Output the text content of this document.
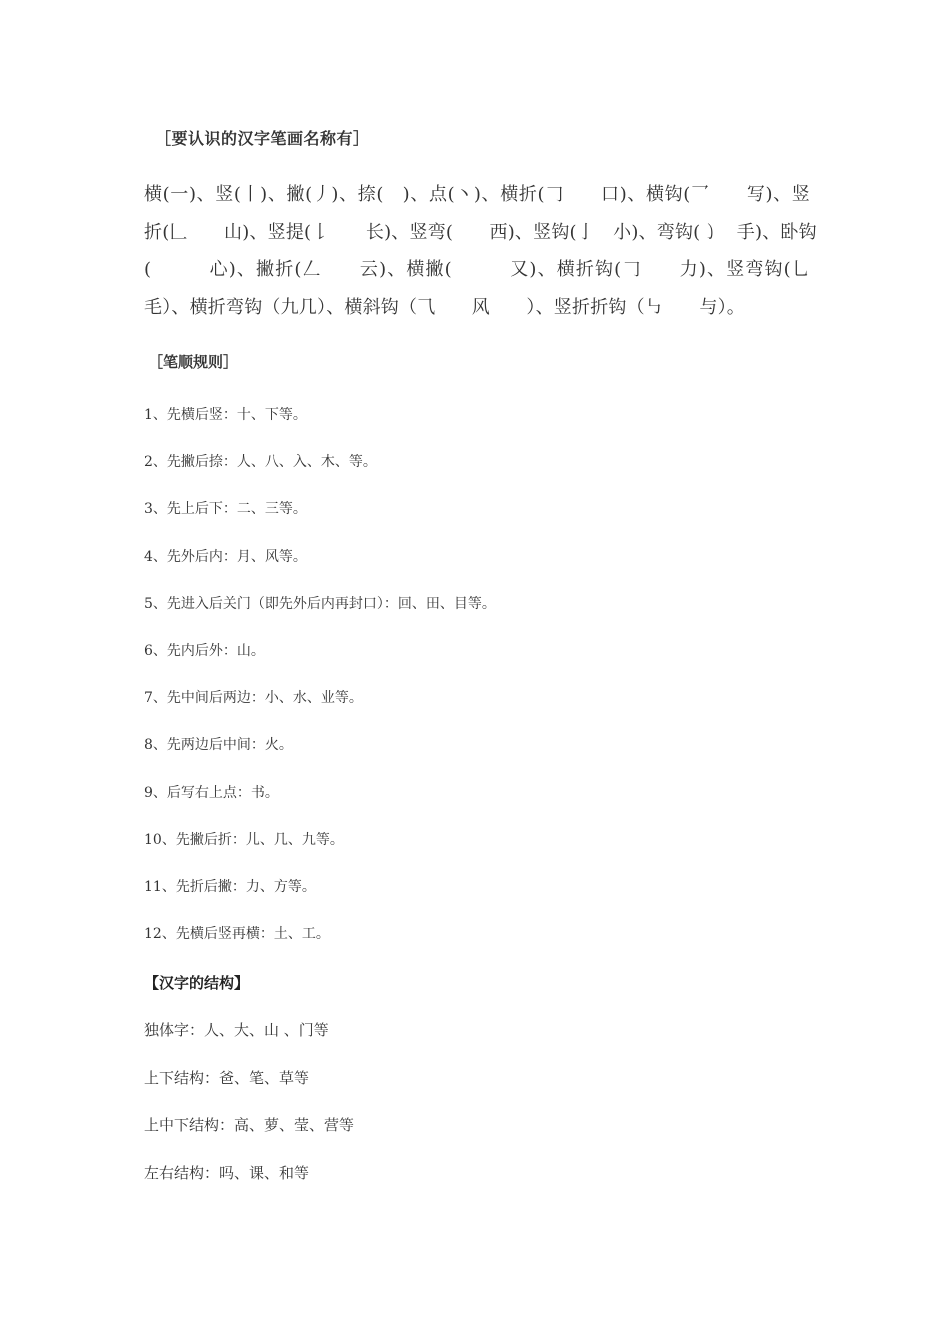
［要认识的汉字笔画名称有］
横(一)、竖(丨)、撇(丿)、捺(　)、点(丶)、横折(𠃌　　口)、横钩(乛　　写)、竖
折(𠃊　　山)、竖提(𠄌　　长)、竖弯(　　西)、竖钩(亅　小)、弯钩(㇁　手)、卧钩
(　　　心)、撇折(𠃋　　云)、横撇(　　　又)、横折钩(𠃌　　力)、竖弯钩(乚
毛）、横折弯钩（九几）、横斜钩（⺄　　风　　）、竖折折钩（㇉　　与）。
［笔顺规则］
1、先横后竖：十、下等。
2、先撇后捺：人、八、入、木、等。
3、先上后下：二、三等。
4、先外后内：月、风等。
5、先进入后关门（即先外后内再封口）：回、田、目等。
6、先内后外：山。
7、先中间后两边：小、水、业等。
8、先两边后中间：火。
9、后写右上点：书。
10、先撇后折：儿、几、九等。
11、先折后撇：力、方等。
12、先横后竖再横：土、工。
【汉字的结构】
独体字：人、大、山 、门等
上下结构：爸、笔、草等
上中下结构：高、萝、莹、营等
左右结构：吗、课、和等
